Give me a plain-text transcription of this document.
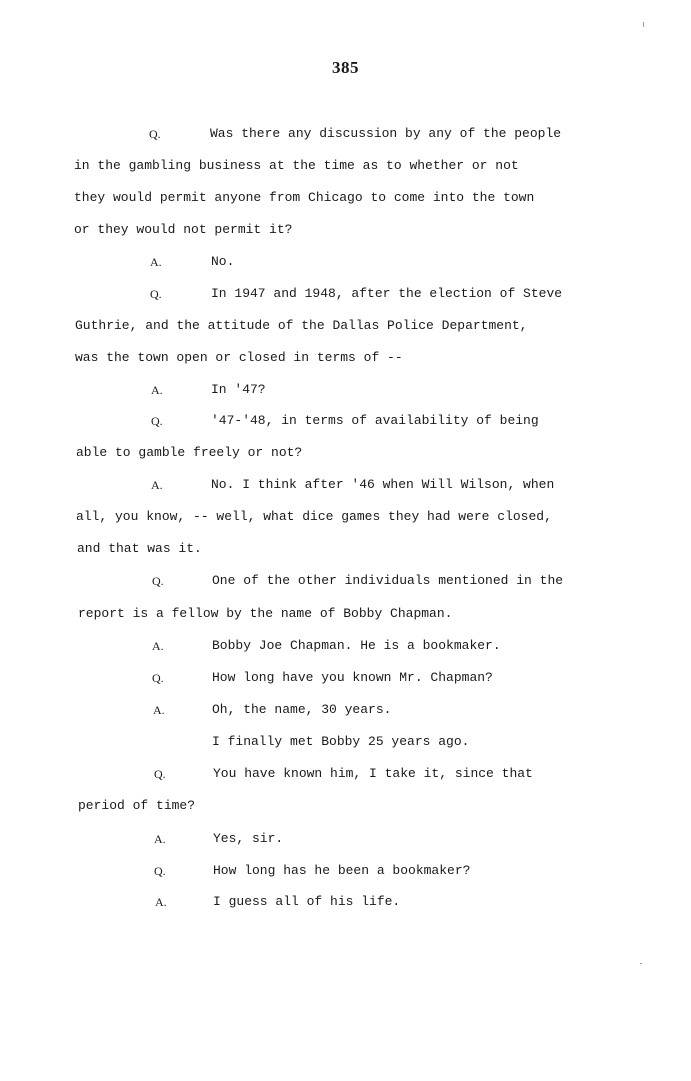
385
Q.	Was there any discussion by any of the people
in the gambling business at the time as to whether or not
they would permit anyone from Chicago to come into the town
or they would not permit it?
A.	No.
Q.	In 1947 and 1948, after the election of Steve
Guthrie, and the attitude of the Dallas Police Department,
was the town open or closed in terms of --
A.	In '47?
Q.	'47-'48, in terms of availability of being
able to gamble freely or not?
A.	No. I think after '46 when Will Wilson, when
all, you know, -- well, what dice games they had were closed,
and that was it.
Q.	One of the other individuals mentioned in the
report is a fellow by the name of Bobby Chapman.
A.	Bobby Joe Chapman. He is a bookmaker.
Q.	How long have you known Mr. Chapman?
A.	Oh, the name, 30 years.
I finally met Bobby 25 years ago.
Q.	You have known him, I take it, since that
period of time?
A.	Yes, sir.
Q.	How long has he been a bookmaker?
A.	I guess all of his life.
